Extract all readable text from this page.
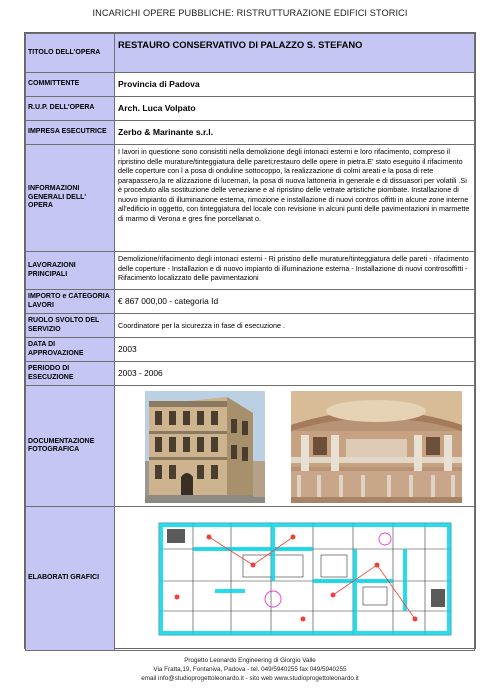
INCARICHI OPERE PUBBLICHE: RISTRUTTURAZIONE EDIFICI STORICI
TITOLO DELL'OPERA	RESTAURO CONSERVATIVO DI PALAZZO S. STEFANO
COMMITTENTE	Provincia di Padova
R.U.P. DELL'OPERA	Arch. Luca Volpato
IMPRESA ESECUTRICE	Zerbo & Marinante s.r.l.
INFORMAZIONI GENERALI DELL' OPERA	I lavori in questione sono consistiti nella demolizione degli intonaci esterni e loro rifacimento, compreso il ripristino delle murature/tinteggiatura delle pareti;restauro delle opere in pietra.E' stato eseguito il rifacimento delle coperture con l a posa di onduline sottocoppo, la realizzazione di colmi areati e la posa di rete parapassero,la re alizzazione di lucernari, la posa di nuova lattoneria in generale e di dissuasori per volatili .Si è proceduto alla sostituzione delle veneziane e al ripristino delle vetrate artistiche piombate. Installazione di nuovo impianto di illuminazione esterna, rimozione e installazione di nuovi contros offitti in alcune zone interne all'edificio in oggetto, con tinteggiatura del locale con revisione in alcuni punti delle pavimentazioni in marmette di marmo di Verona e gres fine porcellanat o.
LAVORAZIONI PRINCIPALI	Demolizione/rifacimento degli intonaci esterni - Ri pristino delle murature/tinteggiatura delle pareti - rifacimento delle coperture - Installazion e di nuovo impianto di illuminazione esterna - Installazione di nuovi controsoffitti - Rifacimento localizzato delle pavimentazioni
IMPORTO e CATEGORIA LAVORI	€ 867 000,00 - categoria Id
RUOLO SVOLTO DEL SERVIZIO	Coordinatore per la sicurezza in fase di esecuzione .
DATA DI APPROVAZIONE	2003
PERIODO DI ESECUZIONE	2003 - 2006
DOCUMENTAZIONE FOTOGRAFICA	

ELABORATI GRAFICI	
Progetto Leonardo Engineering di Giorgio Valle
Via Fratta,19, Fontaniva, Padova - tel. 049/5940255 fax 049/5940255
email info@studioprogettoleonardo.it - sito web www.studioprogettoleonardo.it
